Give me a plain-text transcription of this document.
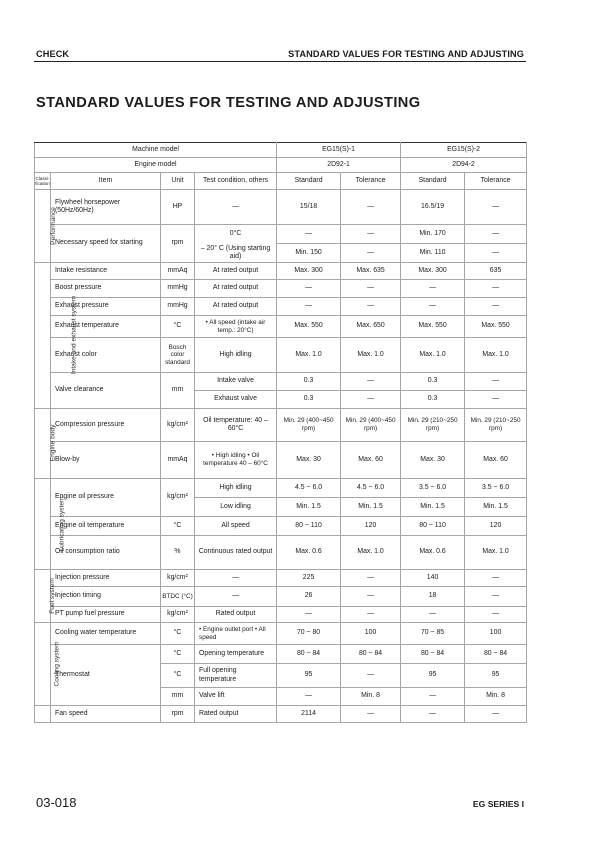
CHECK	STANDARD VALUES FOR TESTING AND ADJUSTING
STANDARD VALUES FOR TESTING AND ADJUSTING
Machine model				EG15(S)-1		EG15(S)-2	
Engine model				2D92-1		2D94-2	
Classi-fication	Item	Unit	Test condition, others	Standard	Tolerance	Standard	Tolerance
Performance	Flywheel horsepower (50Hz/60Hz)	HP	—	15/18	—	16.5/19	—
	Necessary speed for starting	rpm	0°C	—	—	Min. 170	—
			– 20° C (Using starting aid)	Min. 150	—	Min. 110	—
Intake and exhaust system	Intake resistance	mmAq	At rated output	Max. 300	Max. 635	Max. 300	635
	Boost pressure	mmHg	At rated output	—	—	—	—
	Exhaust pressure	mmHg	At rated output	—	—	—	—
	Exhaust temperature	°C	• All speed (intake air temp.: 20°C)	Max. 550	Max. 650	Max. 550	Max. 550
	Exhaust color	Bosch color standard	High idling	Max. 1.0	Max. 1.0	Max. 1.0	Max. 1.0
	Valve clearance	mm	Intake valve	0.3	—	0.3	—
			Exhaust valve	0.3	—	0.3	—
Engine body	Compression pressure	kg/cm²	Oil temperature: 40 – 60°C	Min. 29 (400~450 rpm)	Min. 29 (400~450 rpm)	Min. 29 (210~250 rpm)	Min. 29 (210~250 rpm)
	Blow-by	mmAq	• High idling • Oil temperature 40 – 60°C	Max. 30	Max. 60	Max. 30	Max. 60
Lubricating system	Engine oil pressure	kg/cm²	High idling	4.5 ~ 6.0	4.5 ~ 6.0	3.5 ~ 6.0	3.5 ~ 6.0
			Low idling	Min. 1.5	Min. 1.5	Min. 1.5	Min. 1.5
	Engine oil temperature	°C	All speed	80 ~ 110	120	80 ~ 110	120
	Oil consumption ratio	%	Continuous rated output	Max. 0.6	Max. 1.0	Max. 0.6	Max. 1.0
Fuel system	Injection pressure	kg/cm²	—	225	—	140	—
	Injection timing	BTDC (°C)	—	26	—	18	—
	PT pump fuel pressure	kg/cm²	Rated output	—	—	—	—
Cooling system	Cooling water temperature	°C	• Engine outlet port • All speed	70 ~ 80	100	70 ~ 85	100
	Thermostat	°C	Opening temperature	80 ~ 84	80 ~ 84	80 ~ 84	80 ~ 84
		°C	Full opening temperature	95	—	95	95
		mm	Valve lift	—	Min. 8	—	Min. 8
	Fan speed	rpm	Rated output	2114	—	—	—
03-018	EG SERIES I
